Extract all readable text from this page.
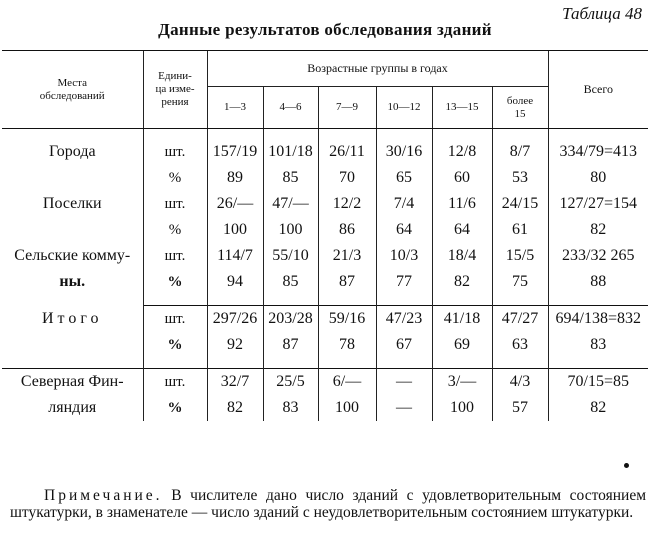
Таблица 48
Данные результатов обследования зданий
Места обследований	Едини-ца изме-рения	Возрастные группы в годах						Всего
		1—3	4—6	7—9	10—12	13—15	более 15	

Города	шт.	157/19	101/18	26/11	30/16	12/8	8/7	334/79=413
	%	89	85	70	65	60	53	80
Поселки	шт.	26/—	47/—	12/2	7/4	11/6	24/15	127/27=154
	%	100	100	86	64	64	61	82
Сельские комму-	шт.	114/7	55/10	21/3	10/3	18/4	15/5	233/32 265
ны.	%	94	85	87	77	82	75	88

Итого	шт.	297/26	203/28	59/16	47/23	41/18	47/27	694/138=832
	%	92	87	78	67	69	63	83

Северная Фин-	шт.	32/7	25/5	6/—	—	3/—	4/3	70/15=85
ляндия	%	82	83	100	—	100	57	82
Примечание. В числителе дано число зданий с удовлетворительным состоянием штукатурки, в знаменателе — число зданий с неудовлетворительным состоянием штукатурки.
